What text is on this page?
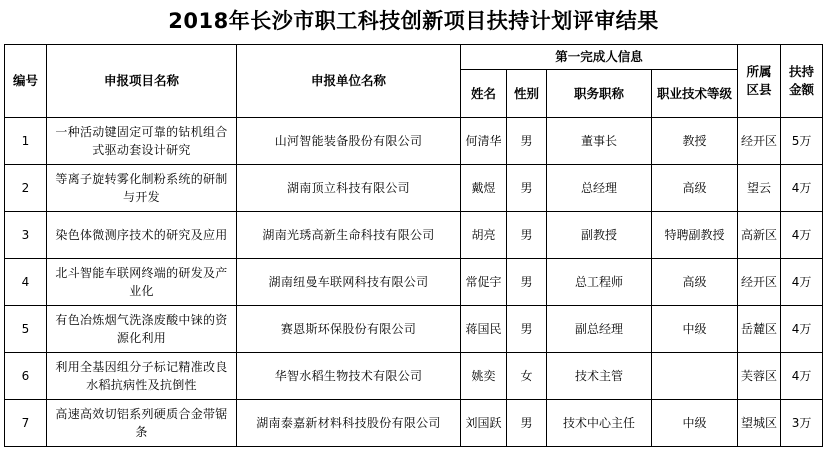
2018年长沙市职工科技创新项目扶持计划评审结果
编号	申报项目名称	申报单位名称	第一完成人信息				所属区县	扶持金额
			姓名	性别	职务职称	职业技术等级		
1	一种活动键固定可靠的钻机组合式驱动套设计研究	山河智能装备股份有限公司	何清华	男	董事长	教授	经开区	5万
2	等离子旋转雾化制粉系统的研制与开发	湖南顶立科技有限公司	戴煜	男	总经理	高级	望云	4万
3	染色体微测序技术的研究及应用	湖南光琇高新生命科技有限公司	胡亮	男	副教授	特聘副教授	高新区	4万
4	北斗智能车联网终端的研发及产业化	湖南纽曼车联网科技有限公司	常促宇	男	总工程师	高级	经开区	4万
5	有色冶炼烟气洗涤废酸中铼的资源化利用	赛恩斯环保股份有限公司	蒋国民	男	副总经理	中级	岳麓区	4万
6	利用全基因组分子标记精准改良水稻抗病性及抗倒性	华智水稻生物技术有限公司	姚奕	女	技术主管		芙蓉区	4万
7	高速高效切铝系列硬质合金带锯条	湖南泰嘉新材料科技股份有限公司	刘国跃	男	技术中心主任	中级	望城区	3万
